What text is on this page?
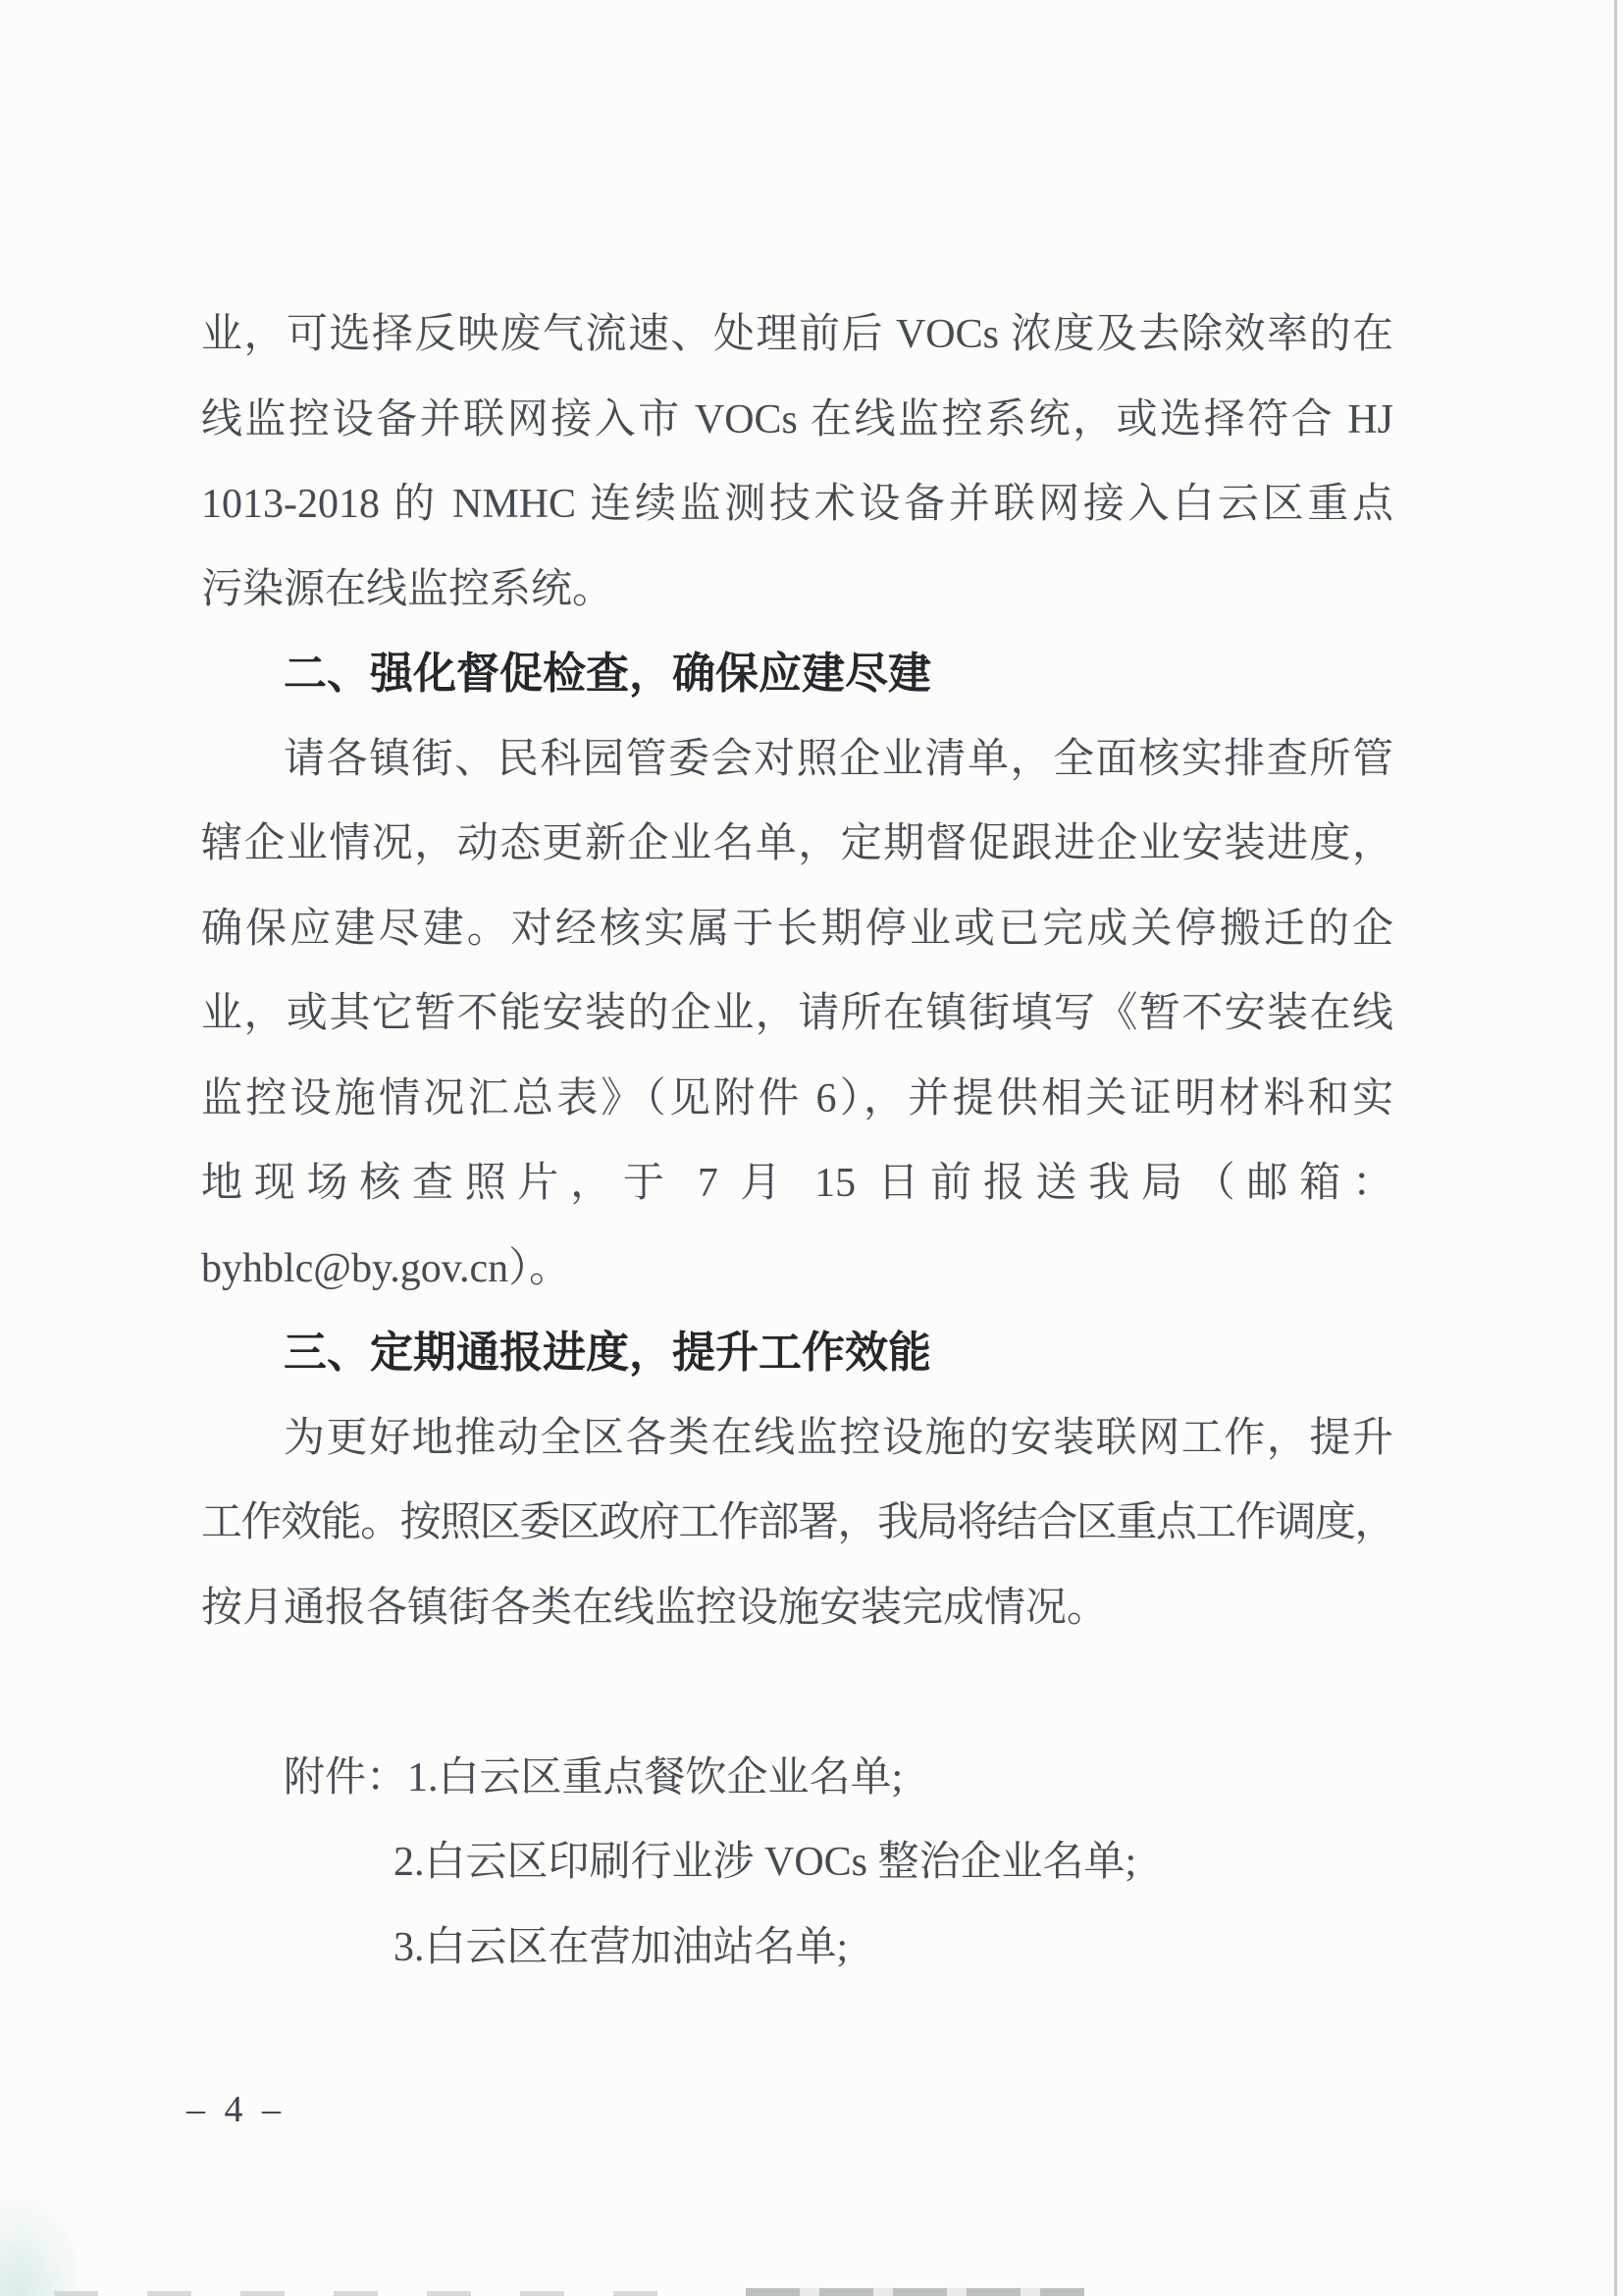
业，可选择反映废气流速、处理前后 VOCs 浓度及去除效率的在
线监控设备并联网接入市 VOCs 在线监控系统，或选择符合 HJ
1013-2018 的 NMHC 连续监测技术设备并联网接入白云区重点
污染源在线监控系统。
二、强化督促检查，确保应建尽建
请各镇街、民科园管委会对照企业清单，全面核实排查所管
辖企业情况，动态更新企业名单，定期督促跟进企业安装进度，
确保应建尽建。对经核实属于长期停业或已完成关停搬迁的企
业，或其它暂不能安装的企业，请所在镇街填写《暂不安装在线
监控设施情况汇总表》（见附件 6），并提供相关证明材料和实
地现场核查照片，于 7 月 15 日前报送我局（邮箱：
byhblc@by.gov.cn）。
三、定期通报进度，提升工作效能
为更好地推动全区各类在线监控设施的安装联网工作，提升
工作效能。按照区委区政府工作部署，我局将结合区重点工作调度，
按月通报各镇街各类在线监控设施安装完成情况。
附件：1.白云区重点餐饮企业名单;
2.白云区印刷行业涉 VOCs 整治企业名单;
3.白云区在营加油站名单;
– 4 –
